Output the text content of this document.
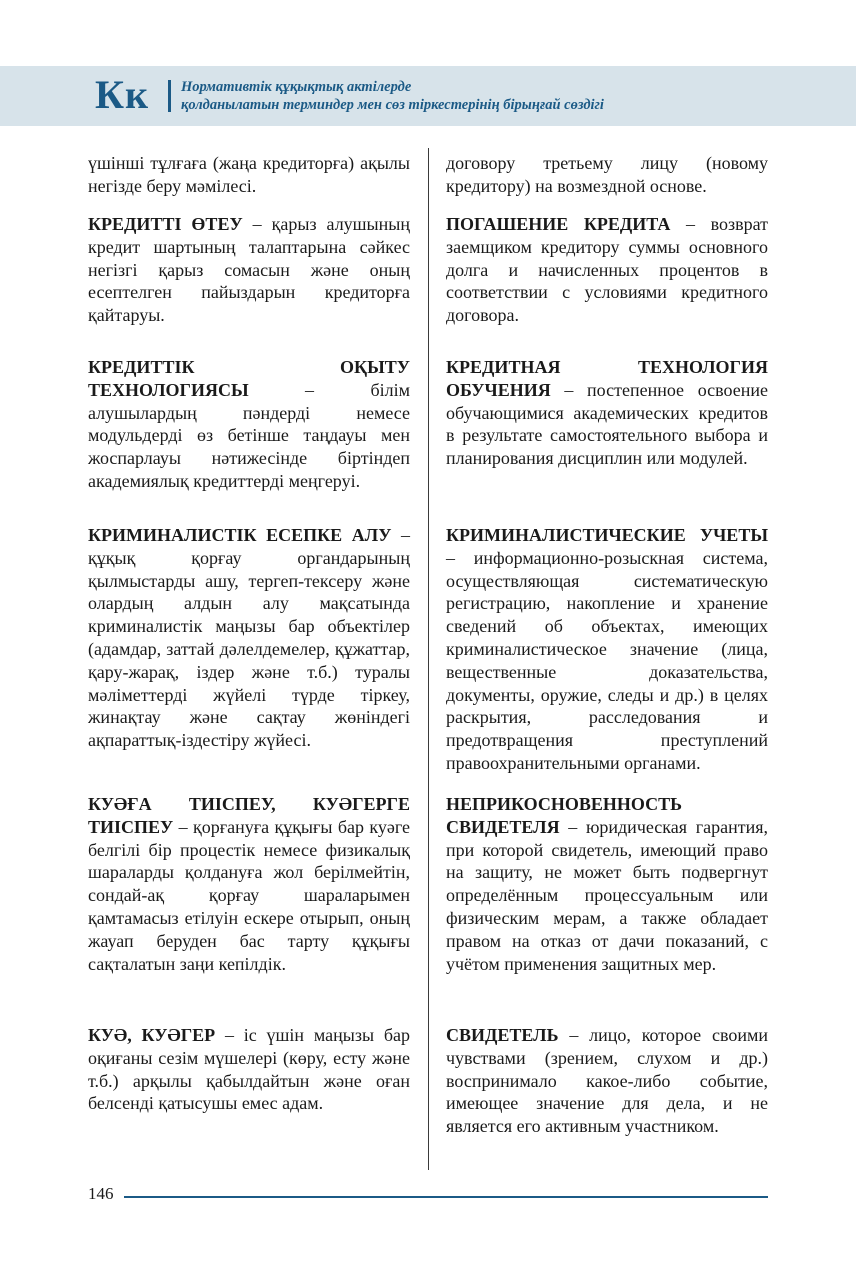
Кк Нормативтік құқықтық актілерде
қолданылатын терминдер мен сөз тіркестерінің бірыңғай сөздігі

үшінші тұлғаға (жаңа кредиторға) ақылы негізде беру мәмілесі.

КРЕДИТТІ ӨТЕУ – қарыз алушының кредит шартының талаптарына сәйкес негізгі қарыз сомасын және оның есептелген пайыздарын кредиторға қайтаруы.

КРЕДИТТІК ОҚЫТУ ТЕХНОЛОГИЯСЫ – білім алушылардың пәндерді немесе модульдерді өз бетінше таңдауы мен жоспарлауы нәтижесінде біртіндеп академиялық кредиттерді меңгеруі.

КРИМИНАЛИСТІК ЕСЕПКЕ АЛУ – құқық қорғау органдарының қылмыстарды ашу, тергеп-тексеру және олардың алдын алу мақсатында криминалистік маңызы бар объектілер (адамдар, заттай дәлелдемелер, құжаттар, қару-жарақ, іздер және т.б.) туралы мәліметтерді жүйелі түрде тіркеу, жинақтау және сақтау жөніндегі ақпараттық-іздестіру жүйесі.

КУӘҒА ТИІСПЕУ, КУӘГЕРГЕ ТИІСПЕУ – қорғануға құқығы бар куәге белгілі бір процестік немесе физикалық шараларды қолдануға жол берілмейтін, сондай-ақ қорғау шараларымен қамтамасыз етілуін ескере отырып, оның жауап беруден бас тарту құқығы сақталатын заңи кепілдік.

КУӘ, КУӘГЕР – іс үшін маңызы бар оқиғаны сезім мүшелері (көру, есту және т.б.) арқылы қабылдайтын және оған белсенді қатысушы емес адам.

договору третьему лицу (новому кредитору) на возмездной основе.

ПОГАШЕНИЕ КРЕДИТА – возврат заемщиком кредитору суммы основного долга и начисленных процентов в соответствии с условиями кредитного договора.

КРЕДИТНАЯ ТЕХНОЛОГИЯ ОБУЧЕНИЯ – постепенное освоение обучающимися академических кредитов в результате самостоятельного выбора и планирования дисциплин или модулей.

КРИМИНАЛИСТИЧЕСКИЕ УЧЕТЫ – информационно-розыскная система, осуществляющая систематическую регистрацию, накопление и хранение сведений об объектах, имеющих криминалистическое значение (лица, вещественные доказательства, документы, оружие, следы и др.) в целях раскрытия, расследования и предотвращения преступлений правоохранительными органами.

НЕПРИКОСНОВЕННОСТЬ СВИДЕТЕЛЯ – юридическая гарантия, при которой свидетель, имеющий право на защиту, не может быть подвергнут определённым процессуальным или физическим мерам, а также обладает правом на отказ от дачи показаний, с учётом применения защитных мер.

СВИДЕТЕЛЬ – лицо, которое своими чувствами (зрением, слухом и др.) воспринимало какое-либо событие, имеющее значение для дела, и не является его активным участником.

146
